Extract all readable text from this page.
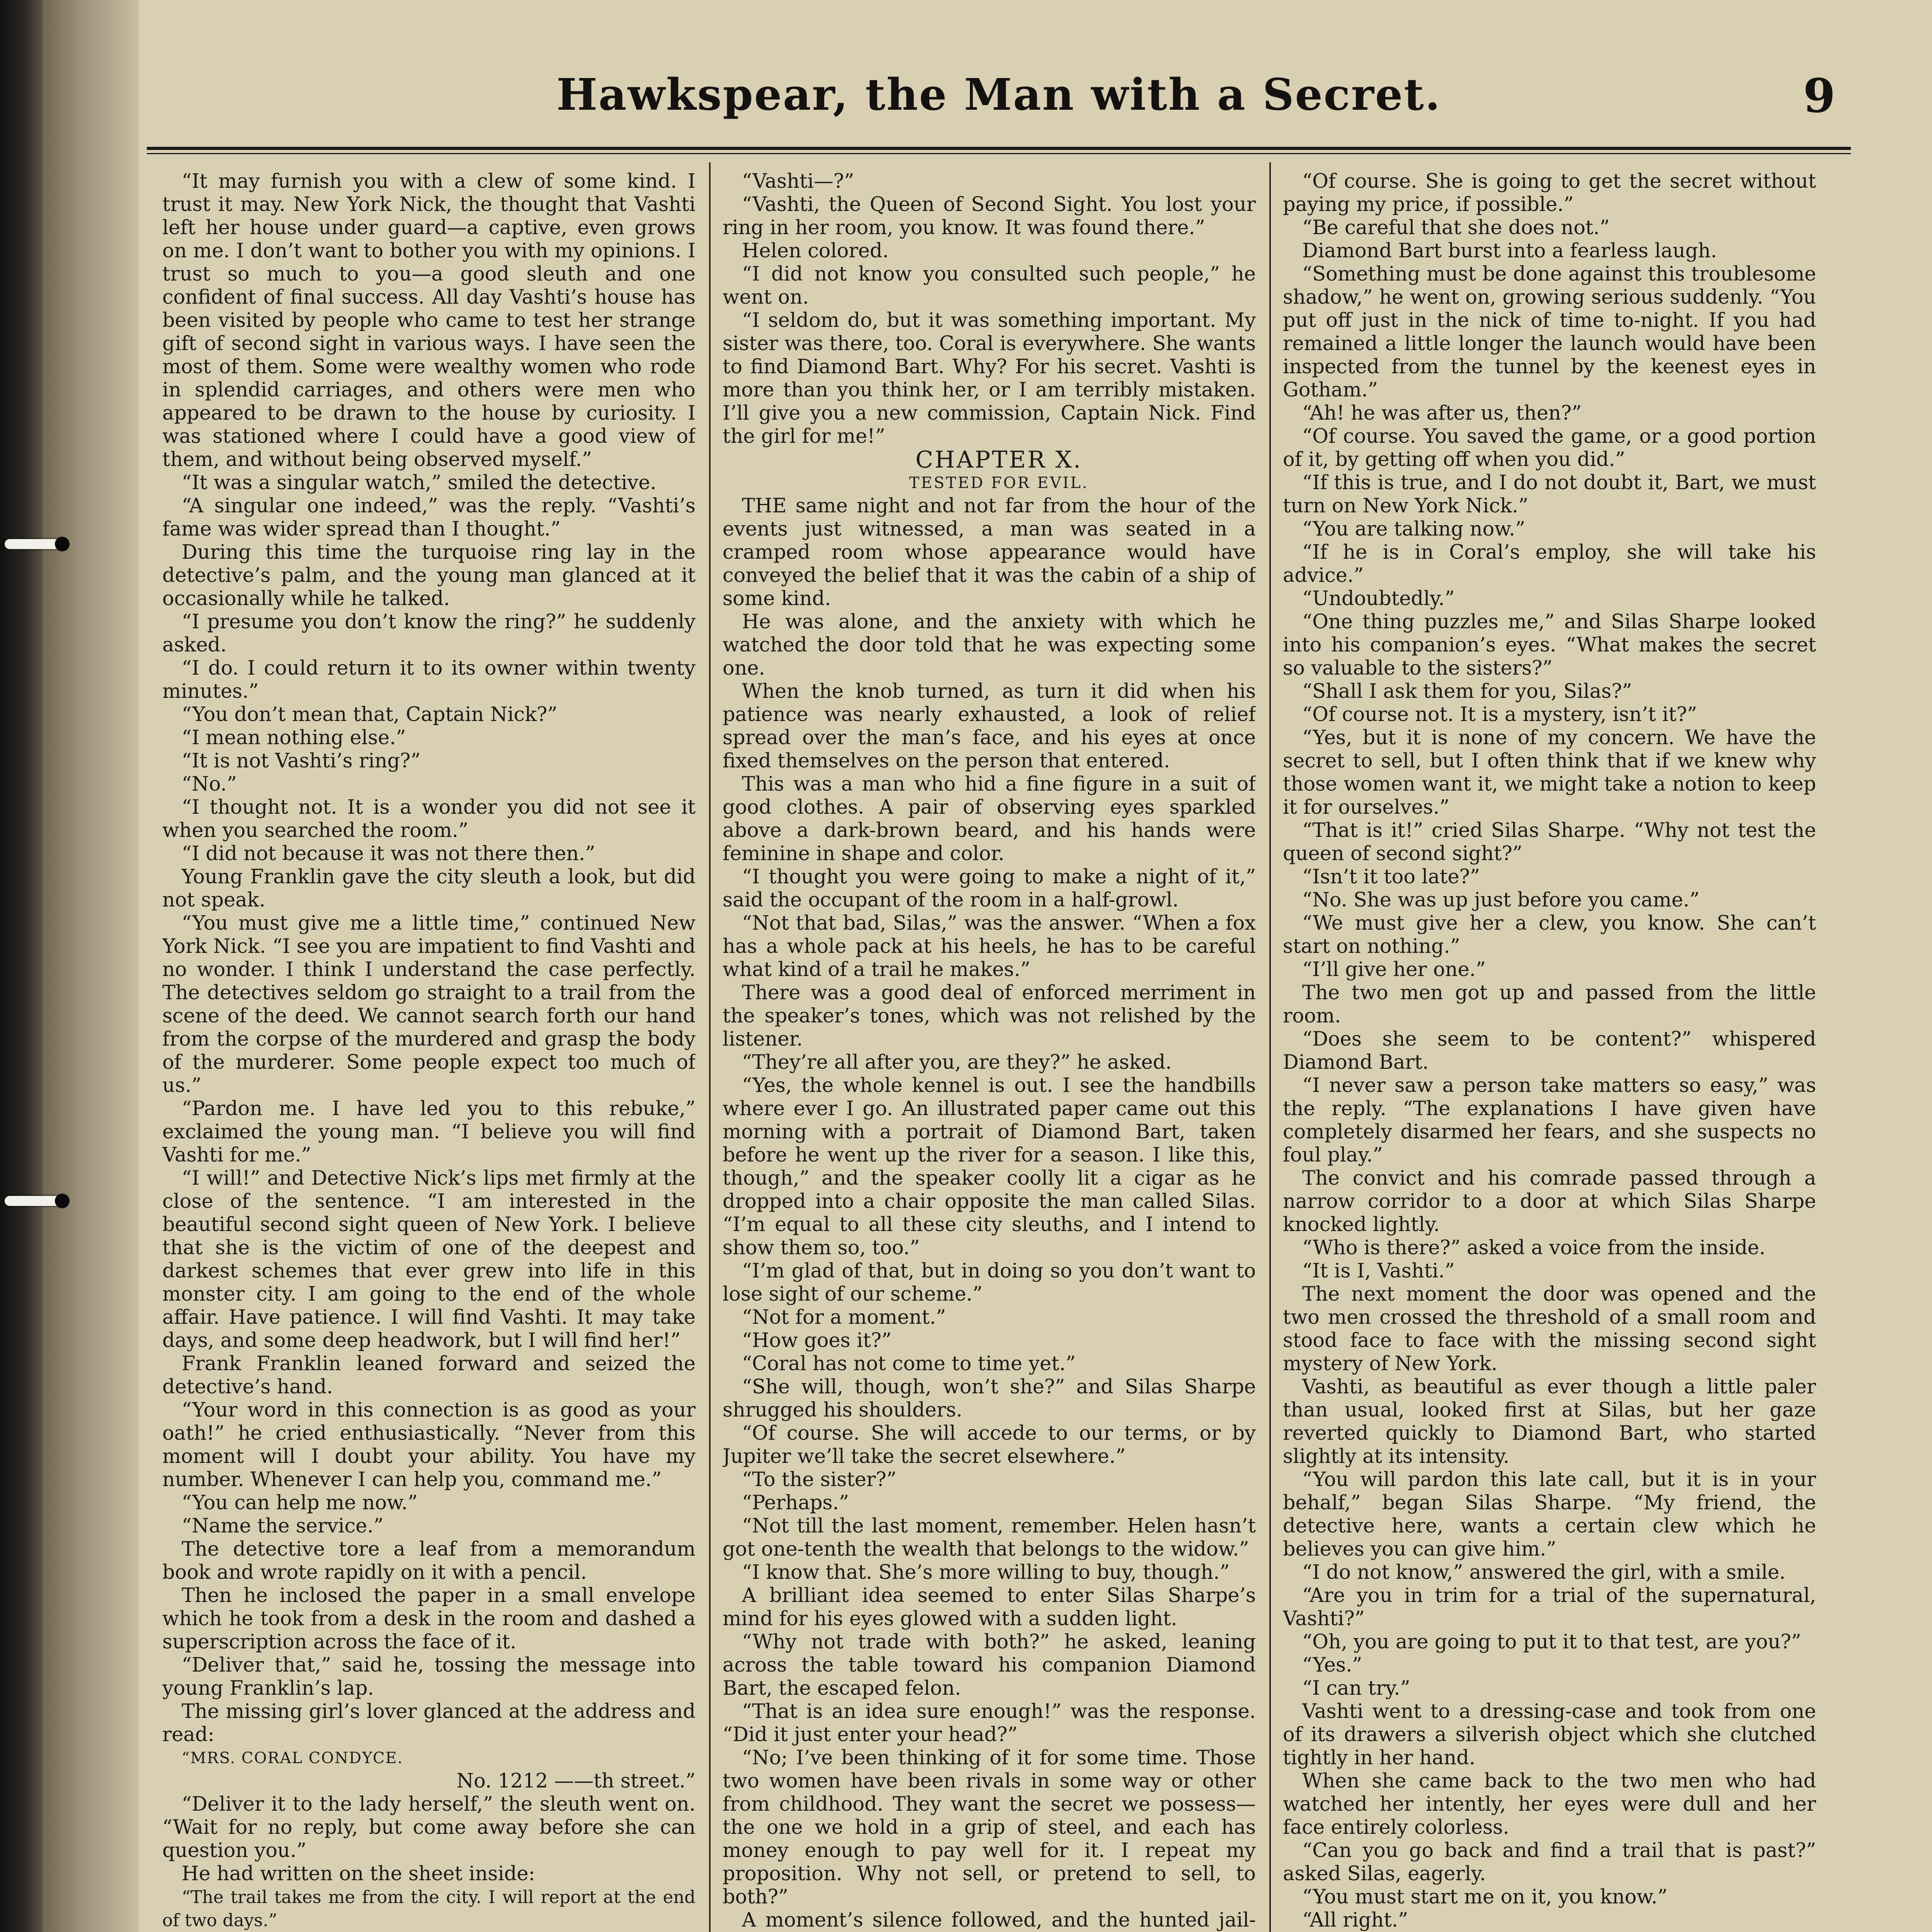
Hawkspear, the Man with a Secret.	9

“It may furnish you with a clew of some kind. I trust it may. New York Nick, the thought that Vashti left her house under guard—a captive, even grows on me. I don’t want to bother you with my opinions. I trust so much to you—a good sleuth and one confident of final success. All day Vashti’s house has been visited by people who came to test her strange gift of second sight in various ways. I have seen the most of them. Some were wealthy women who rode in splendid carriages, and others were men who appeared to be drawn to the house by curiosity. I was stationed where I could have a good view of them, and without being observed myself.”

“It was a singular watch,” smiled the detective.

“A singular one indeed,” was the reply. “Vashti’s fame was wider spread than I thought.”

During this time the turquoise ring lay in the detective’s palm, and the young man glanced at it occasionally while he talked.

“I presume you don’t know the ring?” he suddenly asked.

“I do. I could return it to its owner within twenty minutes.”

“You don’t mean that, Captain Nick?”

“I mean nothing else.”

“It is not Vashti’s ring?”

“No.”

“I thought not. It is a wonder you did not see it when you searched the room.”

“I did not because it was not there then.”

Young Franklin gave the city sleuth a look, but did not speak.

“You must give me a little time,” continued New York Nick. “I see you are impatient to find Vashti and no wonder. I think I understand the case perfectly. The detectives seldom go straight to a trail from the scene of the deed. We cannot search forth our hand from the corpse of the murdered and grasp the body of the murderer. Some people expect too much of us.”

“Pardon me. I have led you to this rebuke,” exclaimed the young man. “I believe you will find Vashti for me.”

“I will!” and Detective Nick’s lips met firmly at the close of the sentence. “I am interested in the beautiful second sight queen of New York. I believe that she is the victim of one of the deepest and darkest schemes that ever grew into life in this monster city. I am going to the end of the whole affair. Have patience. I will find Vashti. It may take days, and some deep headwork, but I will find her!”

Frank Franklin leaned forward and seized the detective’s hand.

“Your word in this connection is as good as your oath!” he cried enthusiastically. “Never from this moment will I doubt your ability. You have my number. Whenever I can help you, command me.”

“You can help me now.”

“Name the service.”

The detective tore a leaf from a memorandum book and wrote rapidly on it with a pencil.

Then he inclosed the paper in a small envelope which he took from a desk in the room and dashed a superscription across the face of it.

“Deliver that,” said he, tossing the message into young Franklin’s lap.

The missing girl’s lover glanced at the address and read:

“MRS. CORAL CONDYCE.

No. 1212 ——th street.”

“Deliver it to the lady herself,” the sleuth went on. “Wait for no reply, but come away before she can question you.”

He had written on the sheet inside:

“The trail takes me from the city. I will report at the end of two days.”

“Vashti—?”

“Vashti, the Queen of Second Sight. You lost your ring in her room, you know. It was found there.”

Helen colored.

“I did not know you consulted such people,” he went on.

“I seldom do, but it was something important. My sister was there, too. Coral is everywhere. She wants to find Diamond Bart. Why? For his secret. Vashti is more than you think her, or I am terribly mistaken. I’ll give you a new commission, Captain Nick. Find the girl for me!”

CHAPTER X.

TESTED FOR EVIL.

THE same night and not far from the hour of the events just witnessed, a man was seated in a cramped room whose appearance would have conveyed the belief that it was the cabin of a ship of some kind.

He was alone, and the anxiety with which he watched the door told that he was expecting some one.

When the knob turned, as turn it did when his patience was nearly exhausted, a look of relief spread over the man’s face, and his eyes at once fixed themselves on the person that entered.

This was a man who hid a fine figure in a suit of good clothes. A pair of observing eyes sparkled above a dark-brown beard, and his hands were feminine in shape and color.

“I thought you were going to make a night of it,” said the occupant of the room in a half-growl.

“Not that bad, Silas,” was the answer. “When a fox has a whole pack at his heels, he has to be careful what kind of a trail he makes.”

There was a good deal of enforced merriment in the speaker’s tones, which was not relished by the listener.

“They’re all after you, are they?” he asked.

“Yes, the whole kennel is out. I see the handbills where ever I go. An illustrated paper came out this morning with a portrait of Diamond Bart, taken before he went up the river for a season. I like this, though,” and the speaker coolly lit a cigar as he dropped into a chair opposite the man called Silas. “I’m equal to all these city sleuths, and I intend to show them so, too.”

“I’m glad of that, but in doing so you don’t want to lose sight of our scheme.”

“Not for a moment.”

“How goes it?”

“Coral has not come to time yet.”

“She will, though, won’t she?” and Silas Sharpe shrugged his shoulders.

“Of course. She will accede to our terms, or by Jupiter we’ll take the secret elsewhere.”

“To the sister?”

“Perhaps.”

“Not till the last moment, remember. Helen hasn’t got one-tenth the wealth that belongs to the widow.”

“I know that. She’s more willing to buy, though.”

A brilliant idea seemed to enter Silas Sharpe’s mind for his eyes glowed with a sudden light.

“Why not trade with both?” he asked, leaning across the table toward his companion Diamond Bart, the escaped felon.

“That is an idea sure enough!” was the response. “Did it just enter your head?”

“No; I’ve been thinking of it for some time. Those two women have been rivals in some way or other from childhood. They want the secret we possess—the one we hold in a grip of steel, and each has money enough to pay well for it. I repeat my proposition. Why not sell, or pretend to sell, to both?”

A moment’s silence followed, and the hunted jail-

“Of course. She is going to get the secret without paying my price, if possible.”

“Be careful that she does not.”

Diamond Bart burst into a fearless laugh.

“Something must be done against this troublesome shadow,” he went on, growing serious suddenly. “You put off just in the nick of time to-night. If you had remained a little longer the launch would have been inspected from the tunnel by the keenest eyes in Gotham.”

“Ah! he was after us, then?”

“Of course. You saved the game, or a good portion of it, by getting off when you did.”

“If this is true, and I do not doubt it, Bart, we must turn on New York Nick.”

“You are talking now.”

“If he is in Coral’s employ, she will take his advice.”

“Undoubtedly.”

“One thing puzzles me,” and Silas Sharpe looked into his companion’s eyes. “What makes the secret so valuable to the sisters?”

“Shall I ask them for you, Silas?”

“Of course not. It is a mystery, isn’t it?”

“Yes, but it is none of my concern. We have the secret to sell, but I often think that if we knew why those women want it, we might take a notion to keep it for ourselves.”

“That is it!” cried Silas Sharpe. “Why not test the queen of second sight?”

“Isn’t it too late?”

“No. She was up just before you came.”

“We must give her a clew, you know. She can’t start on nothing.”

“I’ll give her one.”

The two men got up and passed from the little room.

“Does she seem to be content?” whispered Diamond Bart.

“I never saw a person take matters so easy,” was the reply. “The explanations I have given have completely disarmed her fears, and she suspects no foul play.”

The convict and his comrade passed through a narrow corridor to a door at which Silas Sharpe knocked lightly.

“Who is there?” asked a voice from the inside.

“It is I, Vashti.”

The next moment the door was opened and the two men crossed the threshold of a small room and stood face to face with the missing second sight mystery of New York.

Vashti, as beautiful as ever though a little paler than usual, looked first at Silas, but her gaze reverted quickly to Diamond Bart, who started slightly at its intensity.

“You will pardon this late call, but it is in your behalf,” began Silas Sharpe. “My friend, the detective here, wants a certain clew which he believes you can give him.”

“I do not know,” answered the girl, with a smile.

“Are you in trim for a trial of the supernatural, Vashti?”

“Oh, you are going to put it to that test, are you?”

“Yes.”

“I can try.”

Vashti went to a dressing-case and took from one of its drawers a silverish object which she clutched tightly in her hand.

When she came back to the two men who had watched her intently, her eyes were dull and her face entirely colorless.

“Can you go back and find a trail that is past?” asked Silas, eagerly.

“You must start me on it, you know.”

“All right.”
